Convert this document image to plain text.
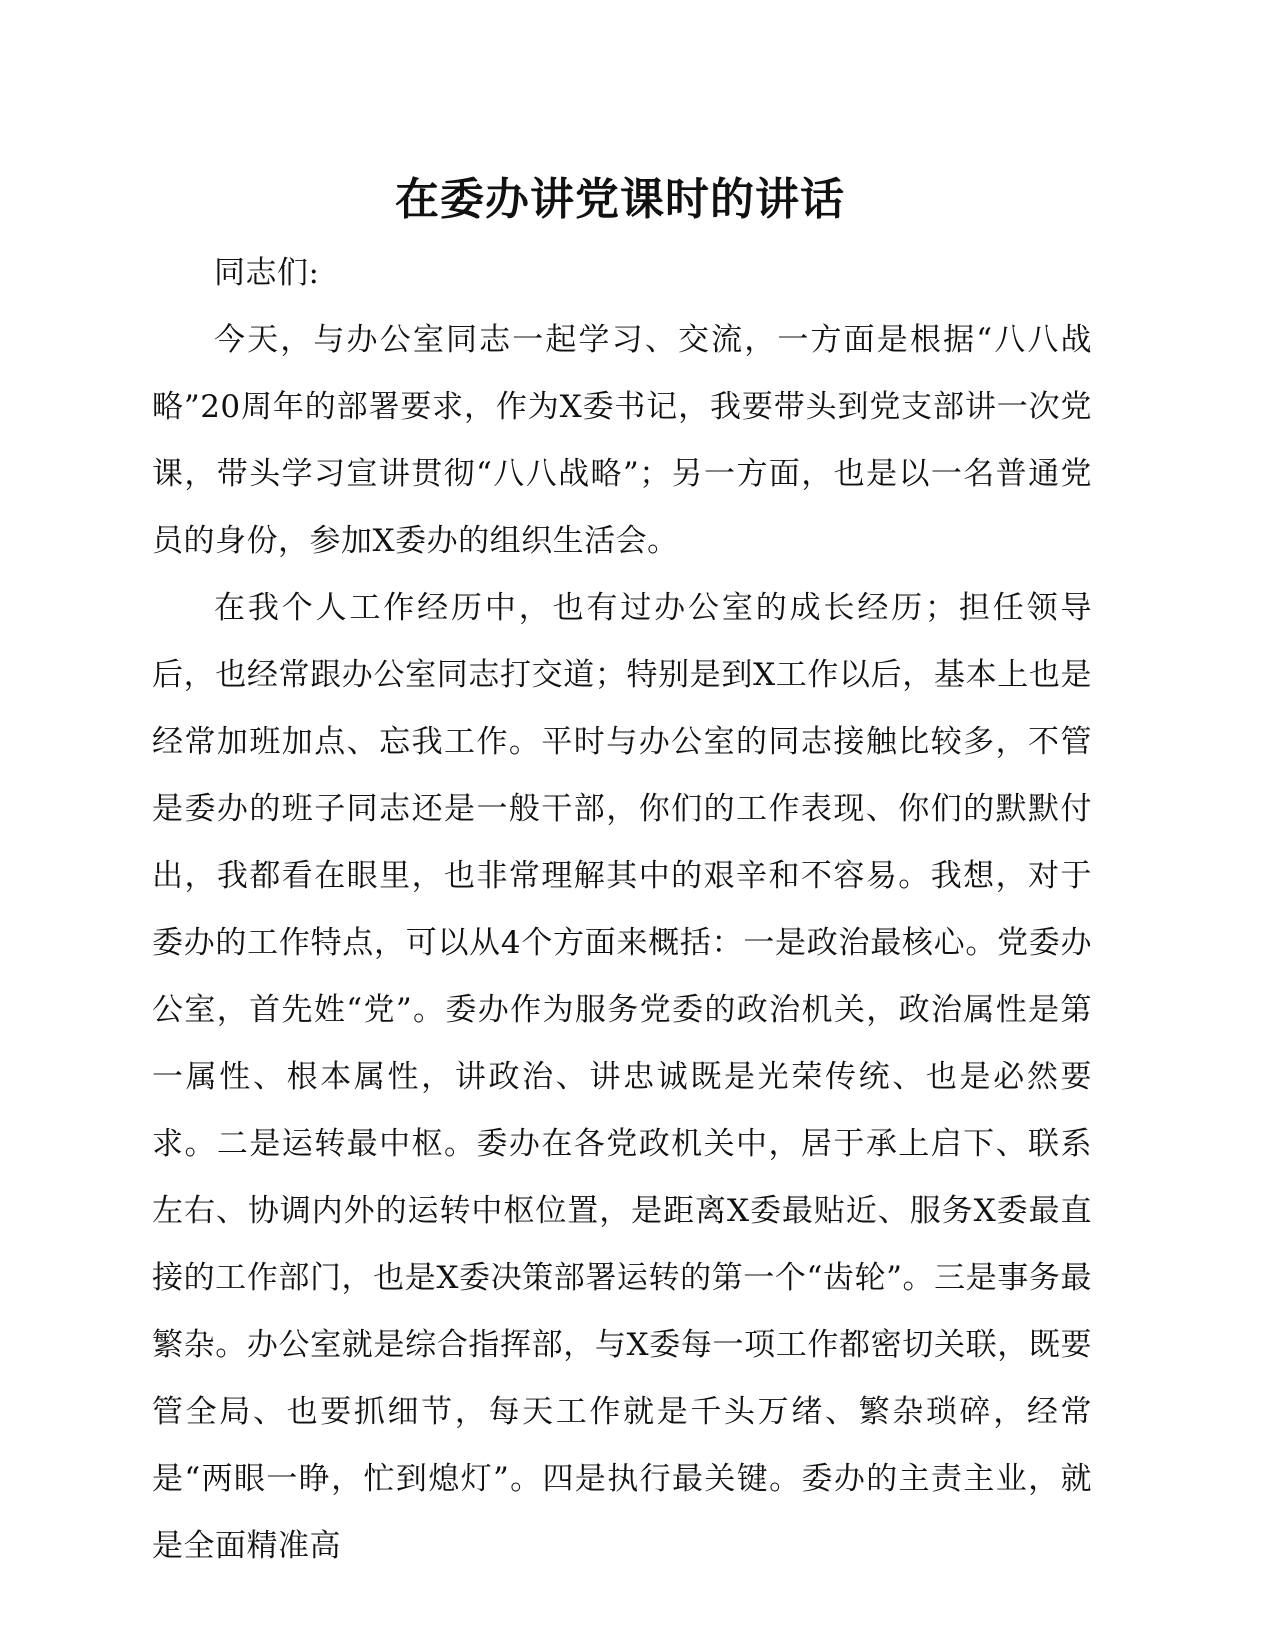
在委办讲党课时的讲话

同志们:

今天，与办公室同志一起学习、交流，一方面是根据“八八战略”20周年的部署要求，作为X委书记，我要带头到党支部讲一次党课，带头学习宣讲贯彻“八八战略”；另一方面，也是以一名普通党员的身份，参加X委办的组织生活会。

在我个人工作经历中，也有过办公室的成长经历；担任领导后，也经常跟办公室同志打交道；特别是到X工作以后，基本上也是经常加班加点、忘我工作。平时与办公室的同志接触比较多，不管是委办的班子同志还是一般干部，你们的工作表现、你们的默默付出，我都看在眼里，也非常理解其中的艰辛和不容易。我想，对于委办的工作特点，可以从4个方面来概括：一是政治最核心。党委办公室，首先姓“党”。委办作为服务党委的政治机关，政治属性是第一属性、根本属性，讲政治、讲忠诚既是光荣传统、也是必然要求。二是运转最中枢。委办在各党政机关中，居于承上启下、联系左右、协调内外的运转中枢位置，是距离X委最贴近、服务X委最直接的工作部门，也是X委决策部署运转的第一个“齿轮”。三是事务最繁杂。办公室就是综合指挥部，与X委每一项工作都密切关联，既要管全局、也要抓细节，每天工作就是千头万绪、繁杂琐碎，经常是“两眼一睁，忙到熄灯”。四是执行最关键。委办的主责主业，就是全面精准高
